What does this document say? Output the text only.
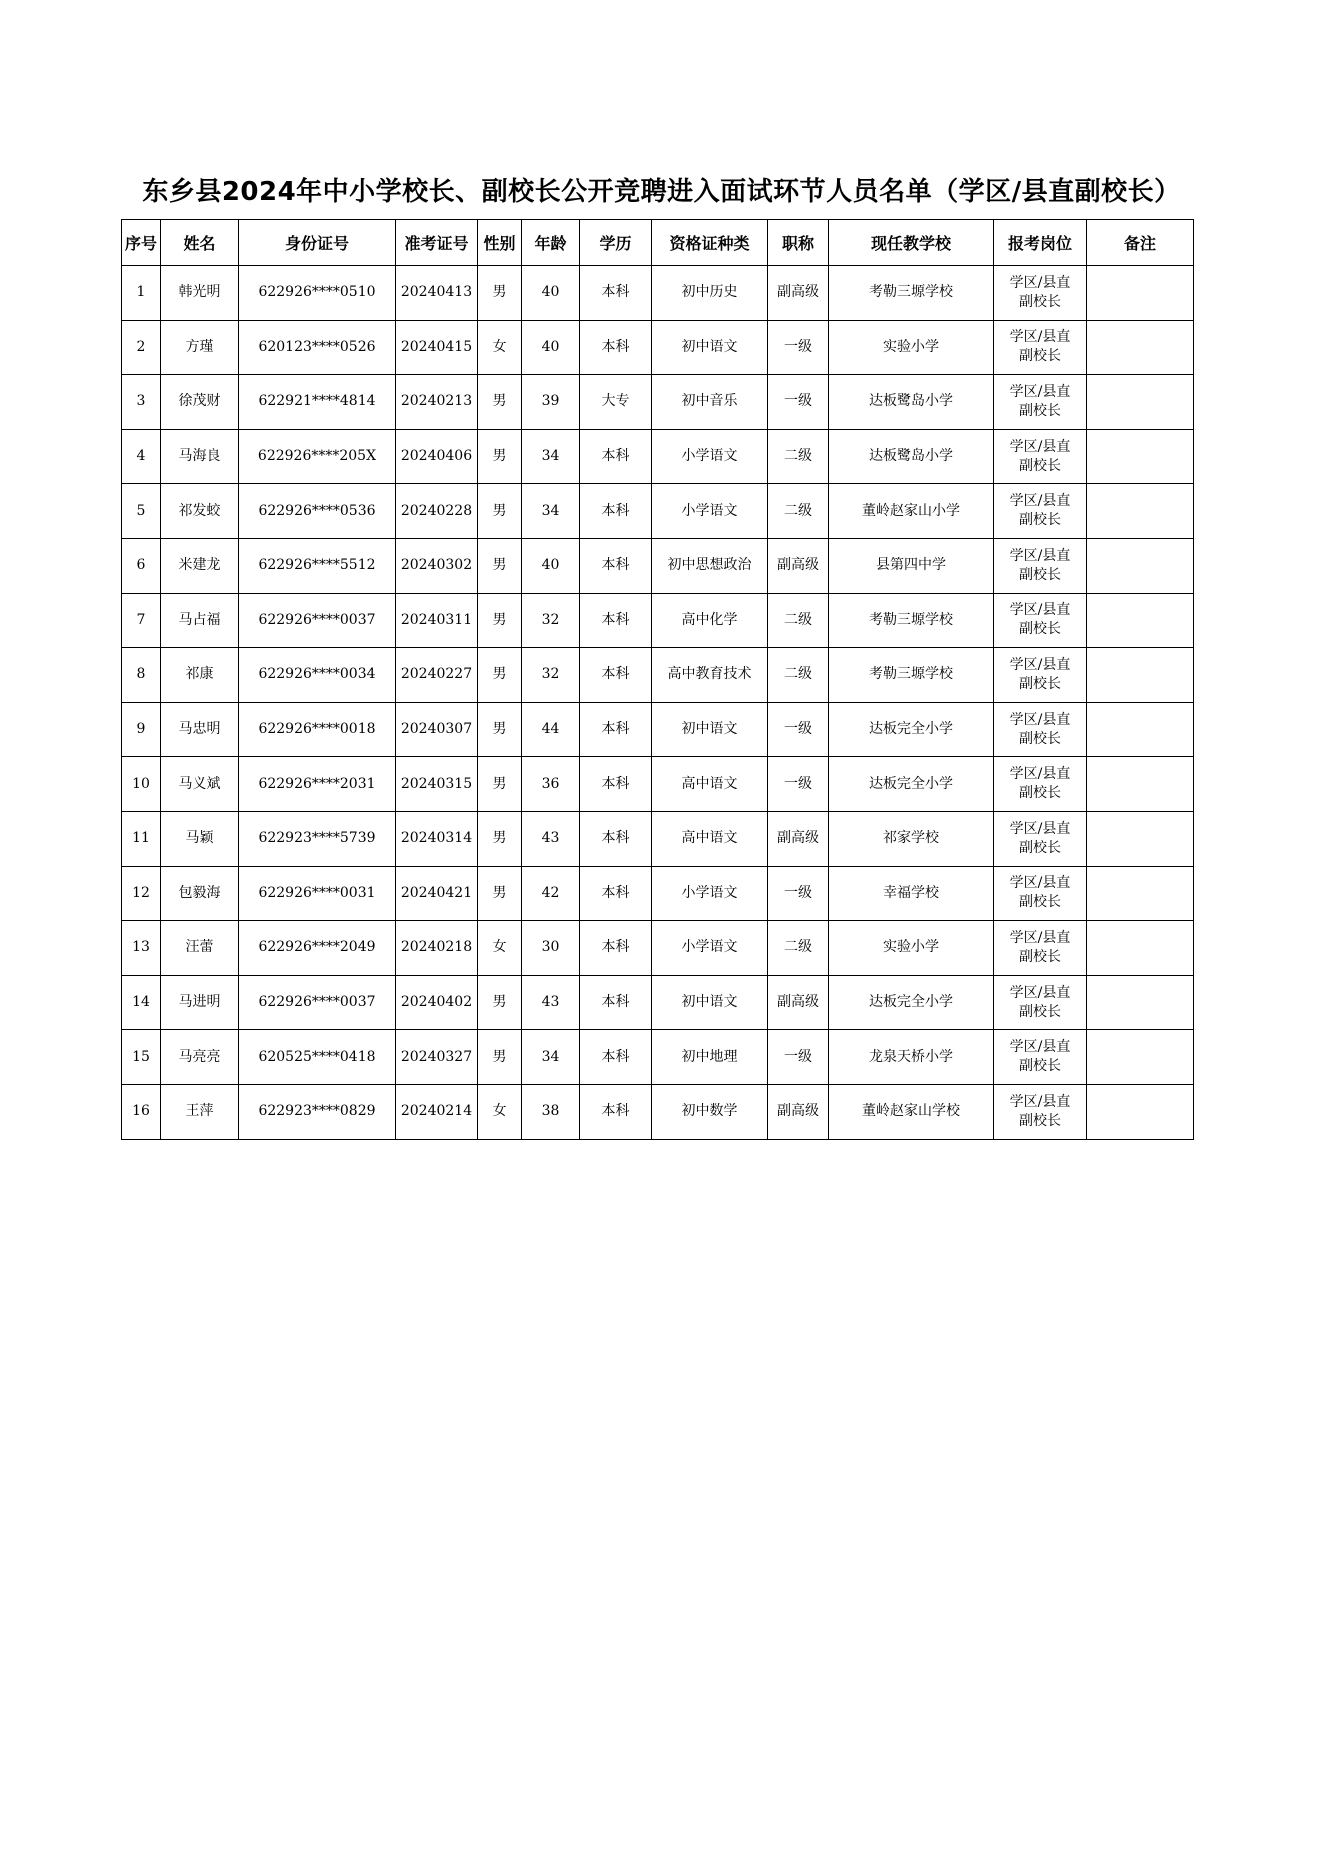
东乡县2024年中小学校长、副校长公开竞聘进入面试环节人员名单（学区/县直副校长）
序号	姓名	身份证号	准考证号	性别	年龄	学历	资格证种类	职称	现任教学校	报考岗位	备注
1	韩光明	622926****0510	20240413	男	40	本科	初中历史	副高级	考勒三塬学校	学区/县直副校长	
2	方瑾	620123****0526	20240415	女	40	本科	初中语文	一级	实验小学	学区/县直副校长	
3	徐茂财	622921****4814	20240213	男	39	大专	初中音乐	一级	达板鹭岛小学	学区/县直副校长	
4	马海良	622926****205X	20240406	男	34	本科	小学语文	二级	达板鹭岛小学	学区/县直副校长	
5	祁发蛟	622926****0536	20240228	男	34	本科	小学语文	二级	董岭赵家山小学	学区/县直副校长	
6	米建龙	622926****5512	20240302	男	40	本科	初中思想政治	副高级	县第四中学	学区/县直副校长	
7	马占福	622926****0037	20240311	男	32	本科	高中化学	二级	考勒三塬学校	学区/县直副校长	
8	祁康	622926****0034	20240227	男	32	本科	高中教育技术	二级	考勒三塬学校	学区/县直副校长	
9	马忠明	622926****0018	20240307	男	44	本科	初中语文	一级	达板完全小学	学区/县直副校长	
10	马义斌	622926****2031	20240315	男	36	本科	高中语文	一级	达板完全小学	学区/县直副校长	
11	马颖	622923****5739	20240314	男	43	本科	高中语文	副高级	祁家学校	学区/县直副校长	
12	包毅海	622926****0031	20240421	男	42	本科	小学语文	一级	幸福学校	学区/县直副校长	
13	汪蕾	622926****2049	20240218	女	30	本科	小学语文	二级	实验小学	学区/县直副校长	
14	马进明	622926****0037	20240402	男	43	本科	初中语文	副高级	达板完全小学	学区/县直副校长	
15	马亮亮	620525****0418	20240327	男	34	本科	初中地理	一级	龙泉天桥小学	学区/县直副校长	
16	王萍	622923****0829	20240214	女	38	本科	初中数学	副高级	董岭赵家山学校	学区/县直副校长	
